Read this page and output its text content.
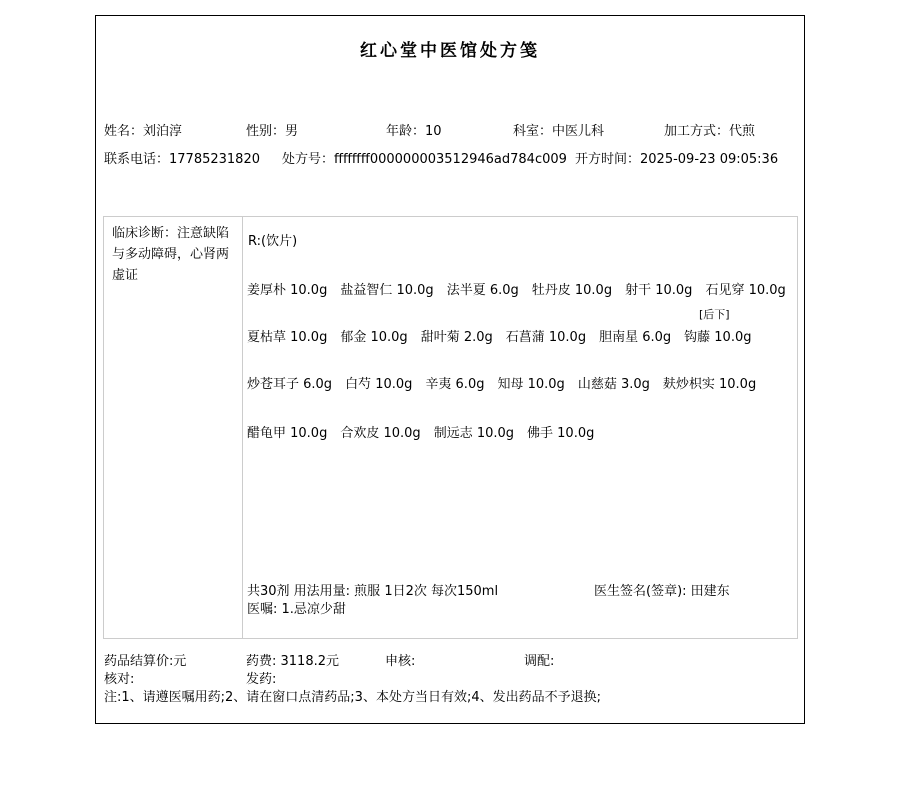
红心堂中医馆处方笺
姓名：刘泊淳	性别：男	年龄：10	科室：中医儿科	加工方式：代煎
联系电话：17785231820 处方号：ffffffff000000003512946ad784c009 开方时间：2025-09-23 09:05:36
临床诊断：注意缺陷与多动障碍，心肾两虚证
R:(饮片)
姜厚朴 10.0g 盐益智仁 10.0g 法半夏 6.0g 牡丹皮 10.0g 射干 10.0g 石见穿 10.0g
[后下]
夏枯草 10.0g 郁金 10.0g 甜叶菊 2.0g 石菖蒲 10.0g 胆南星 6.0g 钩藤 10.0g
炒苍耳子 6.0g 白芍 10.0g 辛夷 6.0g 知母 10.0g 山慈菇 3.0g 麸炒枳实 10.0g
醋龟甲 10.0g 合欢皮 10.0g 制远志 10.0g 佛手 10.0g
共30剂 用法用量: 煎服 1日2次 每次150ml	医生签名(签章): 田建东
医嘱: 1.忌凉少甜
药品结算价:元	药费: 3118.2元	申核:	调配:
核对:	发药:
注:1、请遵医嘱用药;2、请在窗口点清药品;3、本处方当日有效;4、发出药品不予退换;
